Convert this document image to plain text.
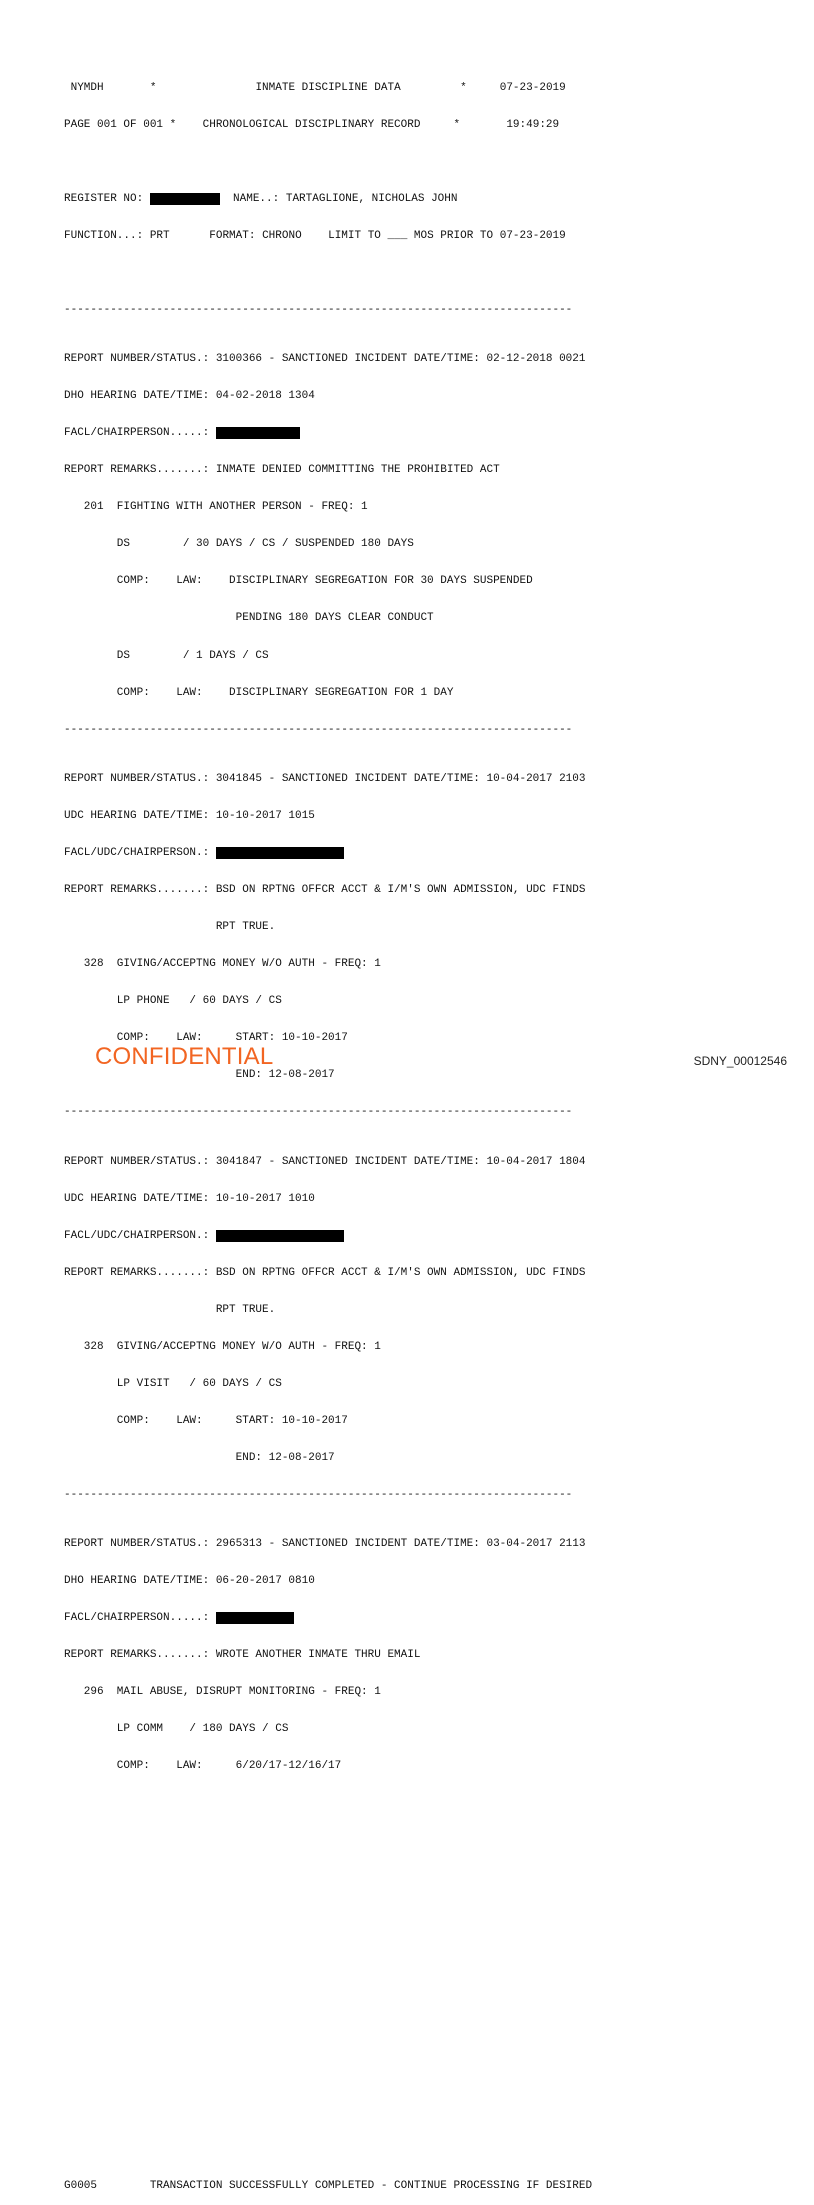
NYMDH       *	INMATE DISCIPLINE DATA	*	07-23-2019

PAGE 001 OF 001 * CHRONOLOGICAL DISCIPLINARY RECORD	*	19:49:29

REGISTER NO:	NAME..: TARTAGLIONE, NICHOLAS JOHN

FUNCTION...: PRT	FORMAT: CHRONO LIMIT TO ___ MOS PRIOR TO 07-23-2019

-----------------------------------------------------------------------------

REPORT NUMBER/STATUS.: 3100366 - SANCTIONED INCIDENT DATE/TIME: 02-12-2018 0021

DHO HEARING DATE/TIME: 04-02-2018 1304

FACL/CHAIRPERSON.....:

REPORT REMARKS.......: INMATE DENIED COMMITTING THE PROHIBITED ACT

201  FIGHTING WITH ANOTHER PERSON - FREQ: 1

DS        / 30 DAYS / CS / SUSPENDED 180 DAYS

COMP:    LAW:    DISCIPLINARY SEGREGATION FOR 30 DAYS SUSPENDED

PENDING 180 DAYS CLEAR CONDUCT

DS        / 1 DAYS / CS

COMP:    LAW:    DISCIPLINARY SEGREGATION FOR 1 DAY

-----------------------------------------------------------------------------

REPORT NUMBER/STATUS.: 3041845 - SANCTIONED INCIDENT DATE/TIME: 10-04-2017 2103

UDC HEARING DATE/TIME: 10-10-2017 1015

FACL/UDC/CHAIRPERSON.:

REPORT REMARKS.......: BSD ON RPTNG OFFCR ACCT & I/M'S OWN ADMISSION, UDC FINDS

RPT TRUE.

328  GIVING/ACCEPTNG MONEY W/O AUTH - FREQ: 1

LP PHONE   / 60 DAYS / CS

COMP:    LAW:     START: 10-10-2017

END: 12-08-2017

-----------------------------------------------------------------------------

REPORT NUMBER/STATUS.: 3041847 - SANCTIONED INCIDENT DATE/TIME: 10-04-2017 1804

UDC HEARING DATE/TIME: 10-10-2017 1010

FACL/UDC/CHAIRPERSON.:

REPORT REMARKS.......: BSD ON RPTNG OFFCR ACCT & I/M'S OWN ADMISSION, UDC FINDS

RPT TRUE.

328  GIVING/ACCEPTNG MONEY W/O AUTH - FREQ: 1

LP VISIT   / 60 DAYS / CS

COMP:    LAW:     START: 10-10-2017

END: 12-08-2017

-----------------------------------------------------------------------------

REPORT NUMBER/STATUS.: 2965313 - SANCTIONED INCIDENT DATE/TIME: 03-04-2017 2113

DHO HEARING DATE/TIME: 06-20-2017 0810

FACL/CHAIRPERSON.....:

REPORT REMARKS.......: WROTE ANOTHER INMATE THRU EMAIL

296  MAIL ABUSE, DISRUPT MONITORING - FREQ: 1

LP COMM    / 180 DAYS / CS

COMP:    LAW:     6/20/17-12/16/17

G0005        TRANSACTION SUCCESSFULLY COMPLETED - CONTINUE PROCESSING IF DESIRED

CONFIDENTIAL	SDNY_00012546
